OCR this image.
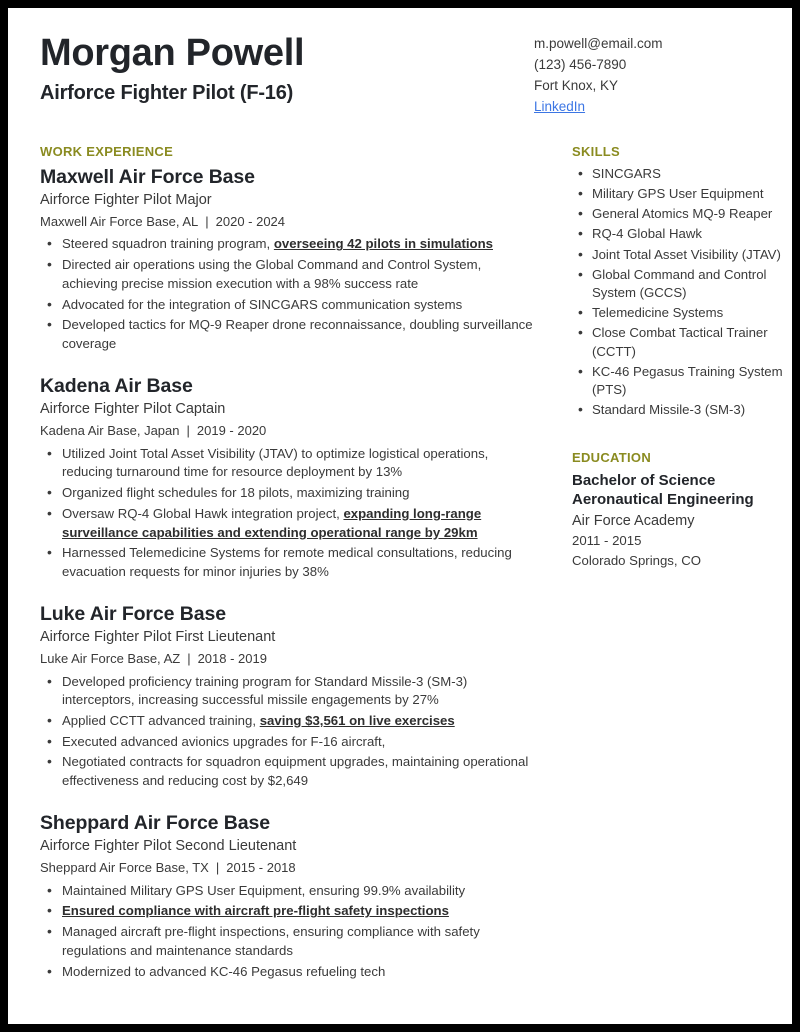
Morgan Powell
Airforce Fighter Pilot (F-16)
m.powell@email.com
(123) 456-7890
Fort Knox, KY
LinkedIn
WORK EXPERIENCE
Maxwell Air Force Base
Airforce Fighter Pilot Major
Maxwell Air Force Base, AL | 2020 - 2024
• Steered squadron training program, overseeing 42 pilots in simulations
• Directed air operations using the Global Command and Control System, achieving precise mission execution with a 98% success rate
• Advocated for the integration of SINCGARS communication systems
• Developed tactics for MQ-9 Reaper drone reconnaissance, doubling surveillance coverage
Kadena Air Base
Airforce Fighter Pilot Captain
Kadena Air Base, Japan | 2019 - 2020
• Utilized Joint Total Asset Visibility (JTAV) to optimize logistical operations, reducing turnaround time for resource deployment by 13%
• Organized flight schedules for 18 pilots, maximizing training
• Oversaw RQ-4 Global Hawk integration project, expanding long-range surveillance capabilities and extending operational range by 29km
• Harnessed Telemedicine Systems for remote medical consultations, reducing evacuation requests for minor injuries by 38%
Luke Air Force Base
Airforce Fighter Pilot First Lieutenant
Luke Air Force Base, AZ | 2018 - 2019
• Developed proficiency training program for Standard Missile-3 (SM-3) interceptors, increasing successful missile engagements by 27%
• Applied CCTT advanced training, saving $3,561 on live exercises
• Executed advanced avionics upgrades for F-16 aircraft,
• Negotiated contracts for squadron equipment upgrades, maintaining operational effectiveness and reducing cost by $2,649
Sheppard Air Force Base
Airforce Fighter Pilot Second Lieutenant
Sheppard Air Force Base, TX | 2015 - 2018
• Maintained Military GPS User Equipment, ensuring 99.9% availability
• Ensured compliance with aircraft pre-flight safety inspections
• Managed aircraft pre-flight inspections, ensuring compliance with safety regulations and maintenance standards
• Modernized to advanced KC-46 Pegasus refueling tech
SKILLS
• SINCGARS
• Military GPS User Equipment
• General Atomics MQ-9 Reaper
• RQ-4 Global Hawk
• Joint Total Asset Visibility (JTAV)
• Global Command and Control System (GCCS)
• Telemedicine Systems
• Close Combat Tactical Trainer (CCTT)
• KC-46 Pegasus Training System (PTS)
• Standard Missile-3 (SM-3)
EDUCATION
Bachelor of Science
Aeronautical Engineering
Air Force Academy
2011 - 2015
Colorado Springs, CO
